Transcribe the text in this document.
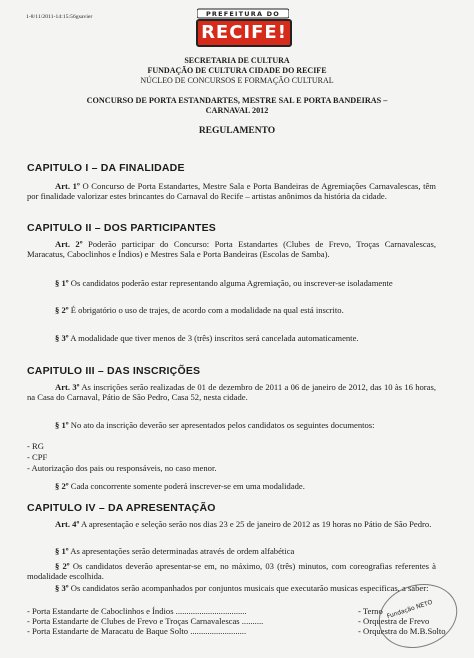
1-8/11/2011-14:15:56gsavier	PREFEITURA DO
RECIFE!
SECRETARIA DE CULTURA
FUNDAÇÃO DE CULTURA CIDADE DO RECIFE
NÚCLEO DE CONCURSOS E FORMAÇÃO CULTURAL
CONCURSO DE PORTA ESTANDARTES, MESTRE SAL E PORTA BANDEIRAS –
CARNAVAL 2012
REGULAMENTO
CAPITULO I – DA FINALIDADE
Art. 1º O Concurso de Porta Estandartes, Mestre Sala e Porta Bandeiras de Agremiações Carnavalescas, têm por finalidade valorizar estes brincantes do Carnaval do Recife – artistas anônimos da história da cidade.
CAPITULO II – DOS PARTICIPANTES
Art. 2º Poderão participar do Concurso: Porta Estandartes (Clubes de Frevo, Troças Carnavalescas, Maracatus, Caboclinhos e Índios) e Mestres Sala e Porta Bandeiras (Escolas de Samba).
§ 1º Os candidatos poderão estar representando alguma Agremiação, ou inscrever-se isoladamente
§ 2º É obrigatório o uso de trajes, de acordo com a modalidade na qual está inscrito.
§ 3º A modalidade que tiver menos de 3 (três) inscritos será cancelada automaticamente.
CAPITULO III – DAS INSCRIÇÕES
Art. 3º As inscrições serão realizadas de 01 de dezembro de 2011 a 06 de janeiro de 2012, das 10 às 16 horas, na Casa do Carnaval, Pátio de São Pedro, Casa 52, nesta cidade.
§ 1º No ato da inscrição deverão ser apresentados pelos candidatos os seguintes documentos:
- RG
- CPF
- Autorização dos pais ou responsáveis, no caso menor.
§ 2º Cada concorrente somente poderá inscrever-se em uma modalidade.
CAPITULO IV – DA APRESENTAÇÃO
Art. 4º A apresentação e seleção serão nos dias 23 e 25 de janeiro de 2012 as 19 horas no Pátio de São Pedro.
§ 1º As apresentações serão determinadas através de ordem alfabética
§ 2º Os candidatos deverão apresentar-se em, no máximo, 03 (três) minutos, com coreografias referentes à modalidade escolhida.
§ 3º Os candidatos serão acompanhados por conjuntos musicais que executarão musicas especificas, a saber:
- Porta Estandarte de Caboclinhos e Índios .................................	- Terno
- Porta Estandarte de Clubes de Frevo e Troças Carnavalescas ..........	- Orquestra de Frevo
- Porta Estandarte de Maracatu de Baque Solto ..........................	- Orquestra do M.B.Solto
Fundação NETO
